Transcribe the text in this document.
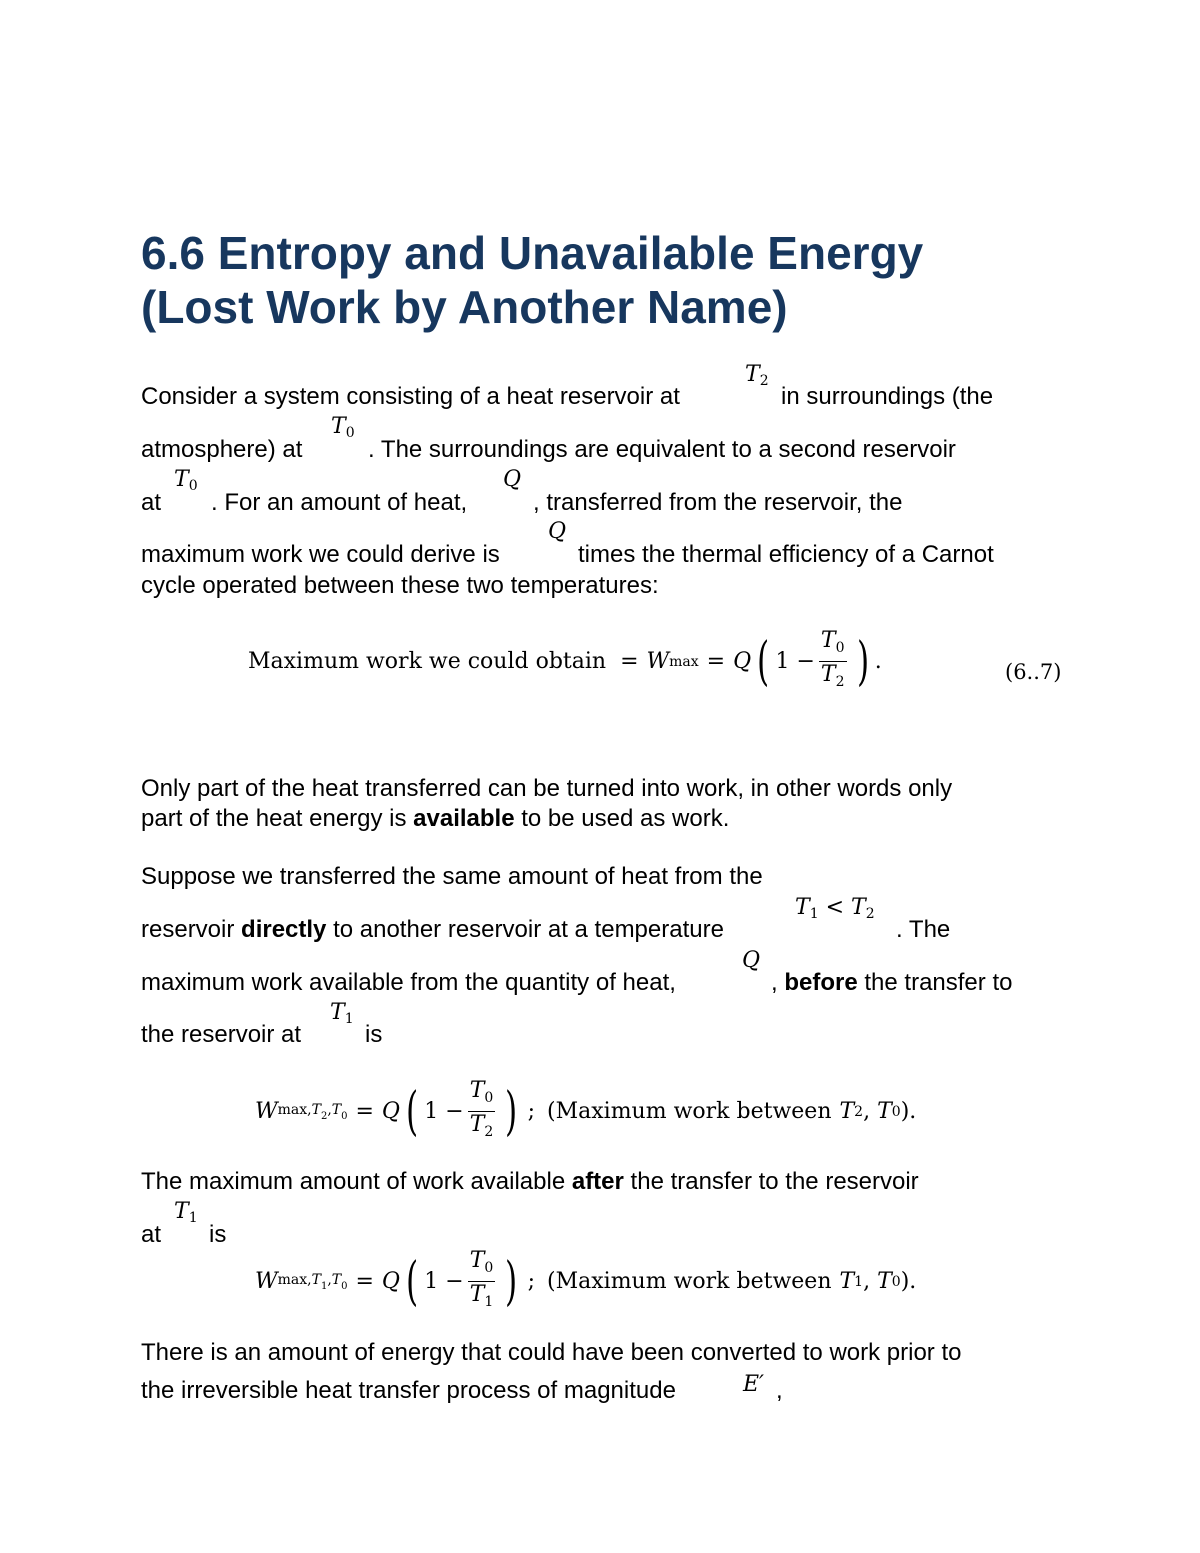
6.6 Entropy and Unavailable Energy
(Lost Work by Another Name)
Consider a system consisting of a heat reservoir at
$T_2$
in surroundings (the
$T_0$
atmosphere) at	. The surroundings are equivalent to a second reservoir
$T_0$	Q
at . For an amount of heat,	, transferred from the reservoir, the
Q
maximum work we could derive is	times the thermal efficiency of a Carnot
cycle operated between these two temperatures:
Maximum work we could obtain = W max = Q ( $1 - \frac{T_0}{T_2}$ ) .	(6..7)
Only part of the heat transferred can be turned into work, in other words only
part of the heat energy is available to be used as work.
Suppose we transferred the same amount of heat from the
$T_1 < T_2$
reservoir directly to another reservoir at a temperature	. The
Q
maximum work available from the quantity of heat,	, before the transfer to
$T_1$
the reservoir at	is
W $\max,T_2,T_0 = Q$ ( $1 - \frac{T_0}{T_2}$ ) ; (Maximum work between T 2 , T 0 ).
The maximum amount of work available after the transfer to the reservoir
$T_1$
at is
W $\max,T_1,T_0 = Q$ ( $1 - \frac{T_0}{T_1}$ ) ; (Maximum work between T 1 , T 0 ).
There is an amount of energy that could have been converted to work prior to
E′
the irreversible heat transfer process of magnitude	,
